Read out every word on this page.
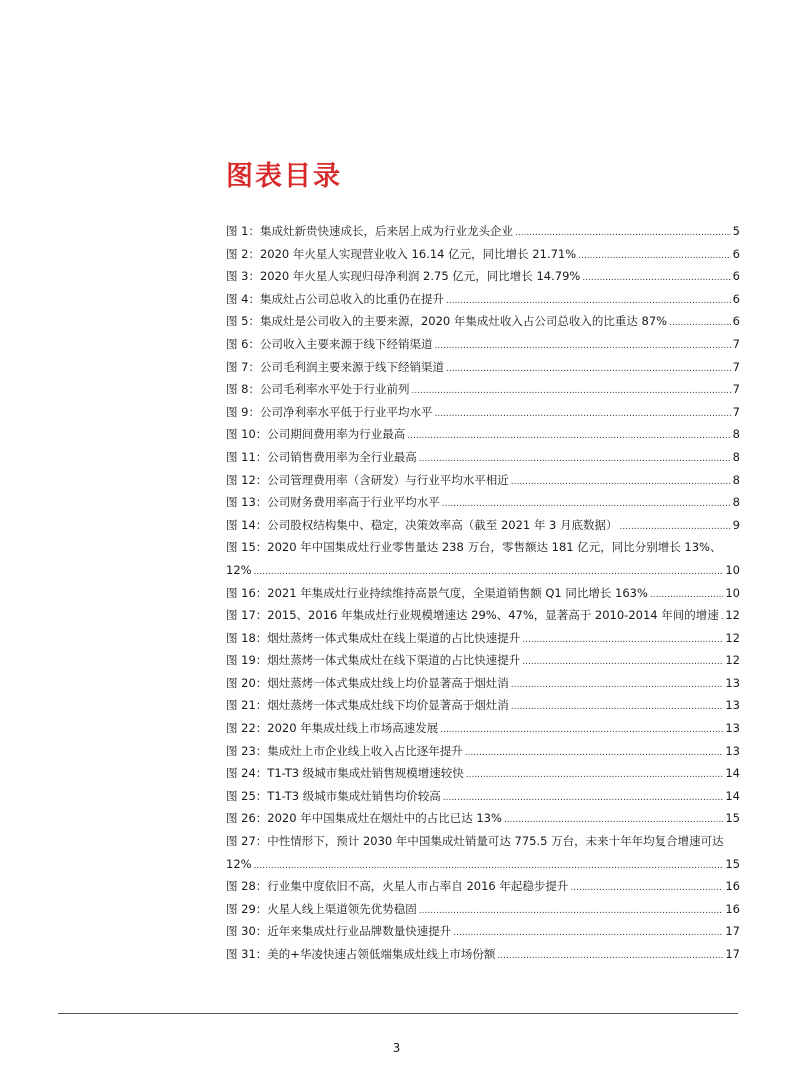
图表目录
图 1：集成灶新贵快速成长，后来居上成为行业龙头企业 .....	5
图 2：2020 年火星人实现营业收入 16.14 亿元，同比增长 21.71% .....	6
图 3：2020 年火星人实现归母净利润 2.75 亿元，同比增长 14.79% .....	6
图 4：集成灶占公司总收入的比重仍在提升 .....	6
图 5：集成灶是公司收入的主要来源，2020 年集成灶收入占公司总收入的比重达 87% .....	6
图 6：公司收入主要来源于线下经销渠道 .....	7
图 7：公司毛利润主要来源于线下经销渠道 .....	7
图 8：公司毛利率水平处于行业前列 .....	7
图 9：公司净利率水平低于行业平均水平 .....	7
图 10：公司期间费用率为行业最高 .....	8
图 11：公司销售费用率为全行业最高 .....	8
图 12：公司管理费用率（含研发）与行业平均水平相近 .....	8
图 13：公司财务费用率高于行业平均水平 .....	8
图 14：公司股权结构集中、稳定，决策效率高（截至 2021 年 3 月底数据） .....	9
图 15：2020 年中国集成灶行业零售量达 238 万台，零售额达 181 亿元，同比分别增长 13%、
12% .....	10
图 16：2021 年集成灶行业持续维持高景气度，全渠道销售额 Q1 同比增长 163% .....	10
图 17：2015、2016 年集成灶行业规模增速达 29%、47%，显著高于 2010-2014 年间的增速 ..... 12
图 18：烟灶蒸烤一体式集成灶在线上渠道的占比快速提升 .....	12
图 19：烟灶蒸烤一体式集成灶在线下渠道的占比快速提升 .....	12
图 20：烟灶蒸烤一体式集成灶线上均价显著高于烟灶消 .....	13
图 21：烟灶蒸烤一体式集成灶线下均价显著高于烟灶消 .....	13
图 22：2020 年集成灶线上市场高速发展 .....	13
图 23：集成灶上市企业线上收入占比逐年提升 .....	13
图 24：T1-T3 级城市集成灶销售规模增速较快 .....	14
图 25：T1-T3 级城市集成灶销售均价较高 .....	14
图 26：2020 年中国集成灶在烟灶中的占比已达 13% .....	15
图 27：中性情形下，预计 2030 年中国集成灶销量可达 775.5 万台，未来十年年均复合增速可达
12% .....	15
图 28：行业集中度依旧不高，火星人市占率自 2016 年起稳步提升 .....	16
图 29：火星人线上渠道领先优势稳固 .....	16
图 30：近年来集成灶行业品牌数量快速提升 .....	17
图 31：美的+华凌快速占领低端集成灶线上市场份额 .....	17
3
